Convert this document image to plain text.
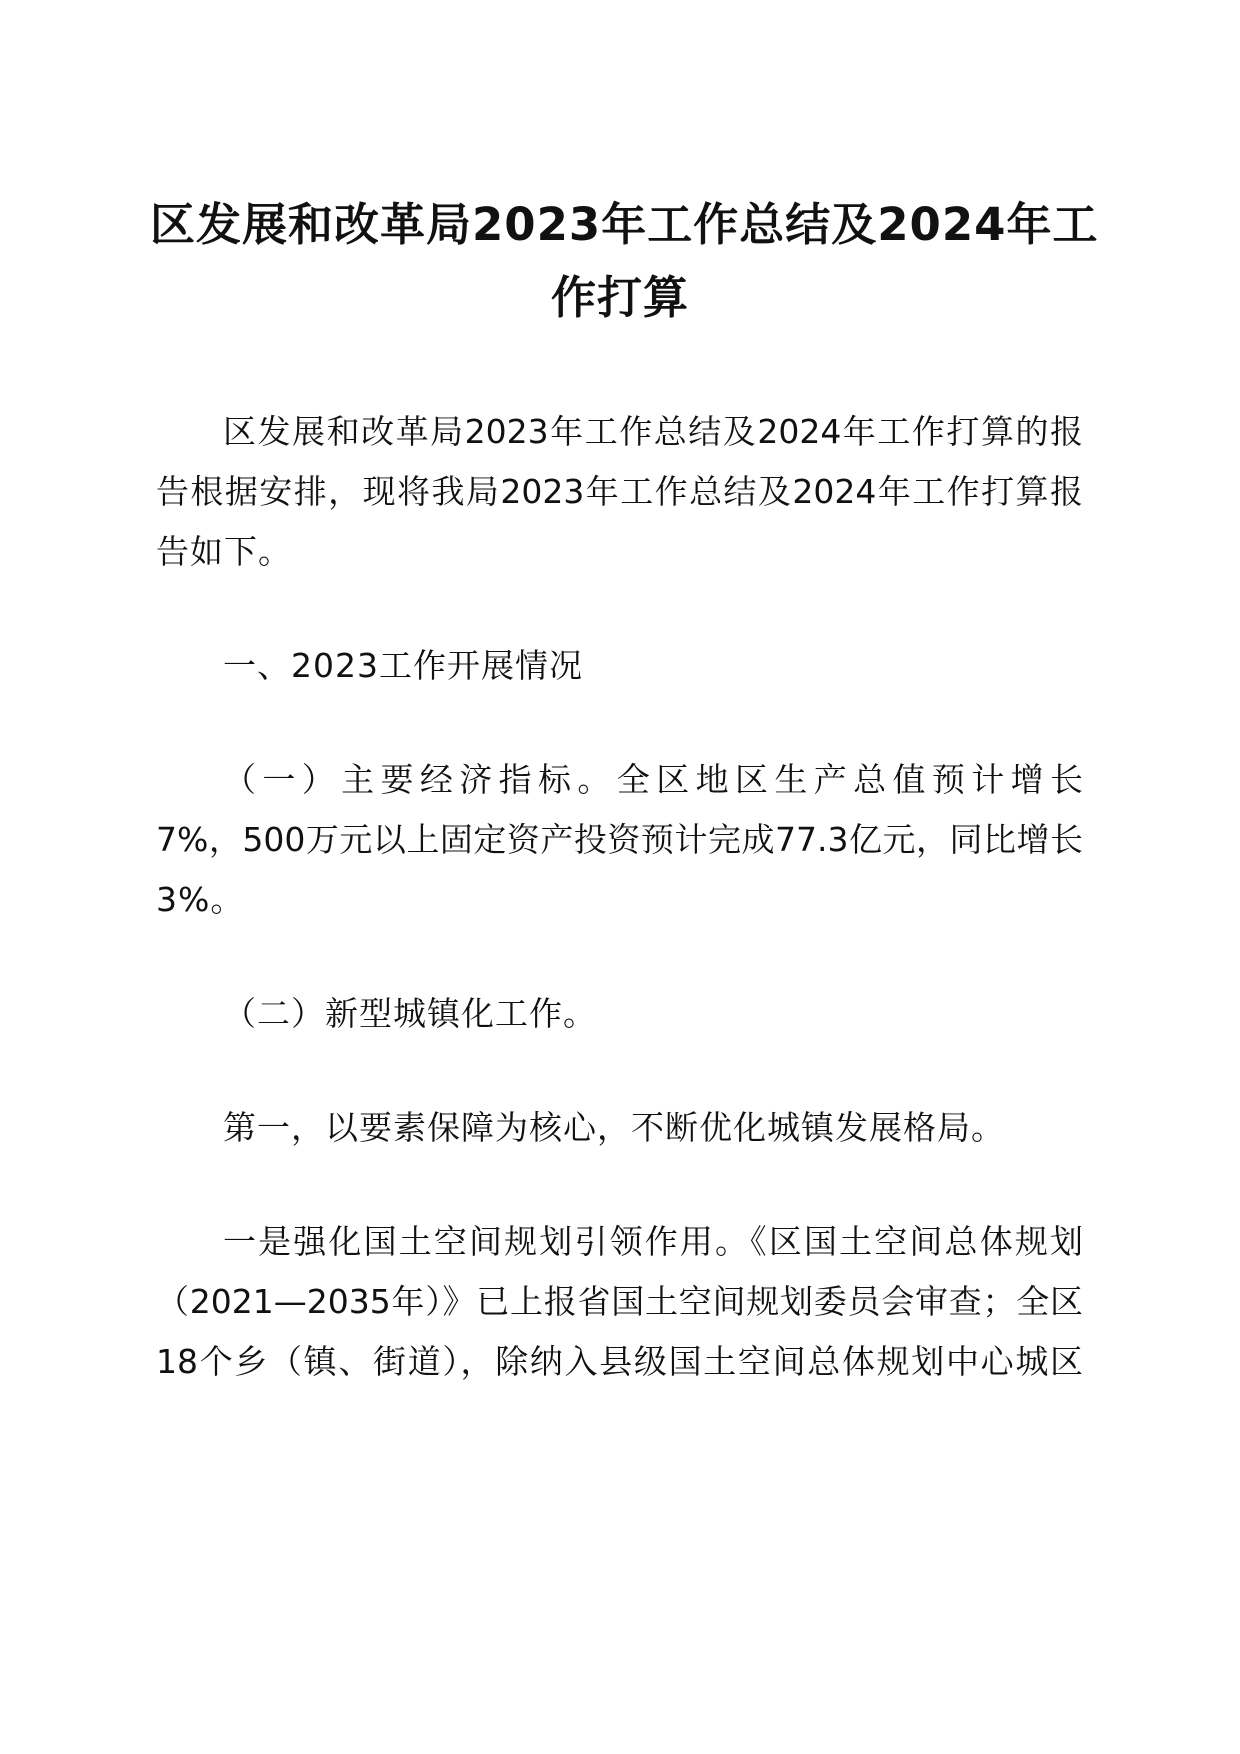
区发展和改革局2023年工作总结及2024年工
作打算
区发展和改革局2023年工作总结及2024年工作打算的报
告根据安排，现将我局2023年工作总结及2024年工作打算报
告如下。
一、2023工作开展情况
（一）主要经济指标。全区地区生产总值预计增长
7%，500万元以上固定资产投资预计完成77.3亿元，同比增长
3%。
（二）新型城镇化工作。
第一，以要素保障为核心，不断优化城镇发展格局。
一是强化国土空间规划引领作用。《区国土空间总体规划
（2021—2035年）》已上报省国土空间规划委员会审查；全区
18个乡（镇、街道），除纳入县级国土空间总体规划中心城区
